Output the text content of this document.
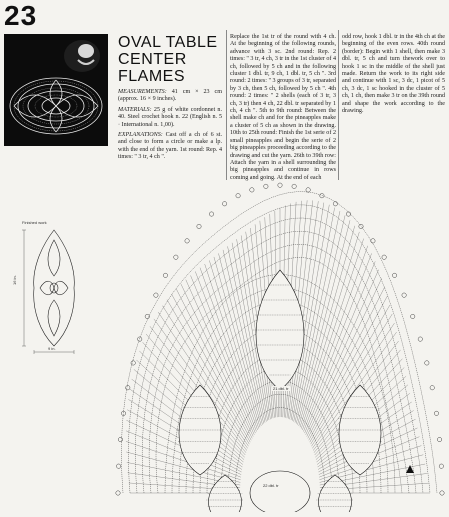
23
OVAL TABLE
CENTER
FLAMES

MEASUREMENTS: 41 cm × 23 cm (approx. 16 × 9 inches).

MATERIALS: 25 g of white cordonnet n. 40. Steel crochet hook n. 22 (English n. 5 · International n. 1,00).

EXPLANATIONS: Cast off a ch of 6 st. and close to form a circle or make a lp. with the end of the yarn. 1st round: Rep. 4 times: " 3 tr, 4 ch ".

Replace the 1st tr of the round with 4 ch. At the beginning of the following rounds, advance with 3 sc. 2nd round: Rep. 2 times: " 3 tr, 4 ch, 3 tr in the 1st cluster of 4 ch, followed by 5 ch and in the following cluster 1 dbl. tr, 9 ch, 1 dbl. tr, 5 ch ". 3rd round: 2 times: " 3 groups of 3 tr, separated by 3 ch, then 5 ch, followed by 5 ch ". 4th round: 2 times: " 2 shells (each of 3 tr, 3 ch, 3 tr) then 4 ch, 22 dbl. tr separated by 1 ch, 4 ch ". 5th to 9th round: Between the shell make ch and for the pineapples make a cluster of 5 ch as shown in the drawing. 10th to 25th round: Finish the 1st serie of 2 small pineapples and begin the serie of 2 big pineapples proceeding according to the drawing and cut the yarn. 26th to 39th row: Attach the yarn in a shell surrounding the big pineapples and continue in rows coming and going. At the end of each

odd row, hook 1 dbl. tr in the 4th ch at the beginning of the even rows. 40th round (border): Begin with 1 shell, then make 3 dbl. tr, 5 ch and turn thework over to hook 1 sc in the middle of the shell just made. Return the work to its right side and continue with 1 sc, 3 dc, 1 picot of 5 ch, 3 dc, 1 sc hooked in the cluster of 5 ch, 1 ch, then make 3 tr on the 39th round and shape the work according to the drawing.

Finished work
16 in.
9 in.
21 dbl. tr
22 dbl. tr
